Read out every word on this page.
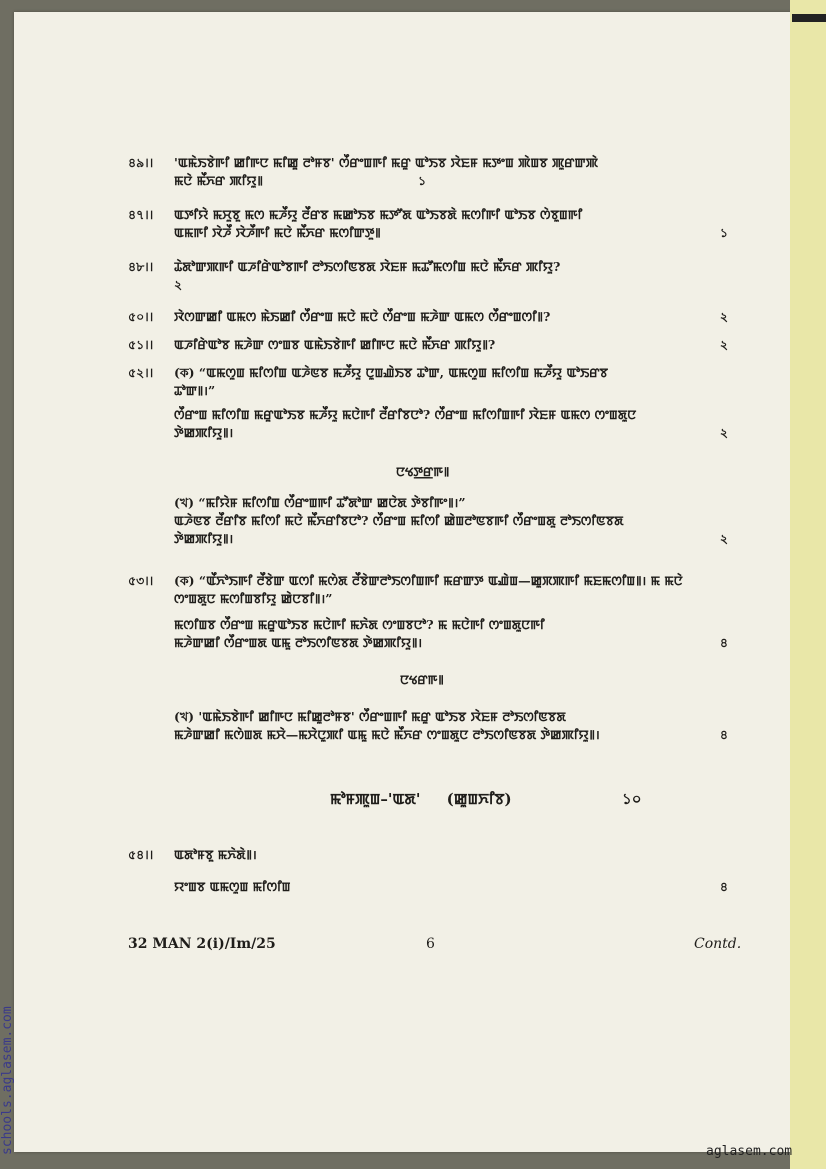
৪৯।।	'ꯑꯃꯥꯏꯕꯥꯒꯤ ꯀꯤꯒꯅ ꯃꯤꯀꯨ ꯂꯣꯝꯕ' ꯁꯩꯔꯦꯡꯒꯤ ꯃꯔꯨ ꯑꯣꯏꯕ ꯋꯥꯐꯝ ꯃꯇꯦꯡ ꯄꯥꯡꯕ ꯄꯨꯔꯛꯄꯥ
ꯃꯅꯥ ꯃꯩꯈꯔ ꯄꯤꯌꯨ꯫	১
৪৭।।	ꯑꯇꯤꯌꯥ ꯃꯆꯨꯕꯨ ꯃꯁ ꯃꯍꯩꯌꯨ ꯂꯩꯔꯕ ꯃꯀꯣꯏꯕ ꯃꯇꯧꯗ ꯑꯣꯏꯕꯗꯥ ꯃꯁꯤꯒꯤ ꯑꯣꯏꯕ ꯁꯥꯕꯨꯡꯒꯤ
ꯑꯃꯒꯤ ꯋꯥꯍꯩ ꯋꯥꯍꯩꯒꯤ ꯃꯅꯥ ꯃꯩꯈꯔ ꯃꯁꯤꯛꯇꯨ꯫	১
৪৮।।	ꯊꯥꯗꯣꯛꯄꯒꯤ ꯑꯍꯤꯔꯥꯑꯣꯕꯒꯤ ꯂꯣꯏꯁꯤꯟꯕꯗ ꯋꯥꯐꯝ ꯃꯊꯧꯃꯁꯤꯡ ꯃꯅꯥ ꯃꯩꯈꯔ ꯄꯤꯌꯨ?
২
৫০।।	ꯋꯥꯁꯛꯀꯤ ꯑꯃꯁ ꯃꯥꯏꯀꯤ ꯁꯩꯔꯦꯡ ꯃꯅꯥ ꯃꯅꯥ ꯁꯩꯔꯦꯡ ꯃꯍꯥꯛ ꯑꯃꯁ ꯁꯩꯔꯦꯡꯁꯤ꯫?	২
৫১।।	ꯑꯍꯤꯔꯥꯑꯣꯕ ꯃꯍꯥꯛ ꯁꯦꯡꯕ ꯑꯃꯥꯏꯕꯥꯒꯤ ꯀꯤꯒꯅ ꯃꯅꯥ ꯃꯩꯈꯔ ꯄꯤꯌꯨ꯫?	২
৫২।।	(ক) “ꯑꯃꯁꯨꯡ ꯃꯤꯁꯤꯡ ꯑꯍꯥꯟꯕ ꯃꯍꯩꯌꯨ ꯅꯨꯡꯉꯥꯏꯕ ꯊꯣꯛ, ꯑꯃꯁꯨꯡ ꯃꯤꯁꯤꯡ ꯃꯍꯩꯌꯨ ꯑꯣꯏꯔꯕ
ꯊꯣꯛ꯫।”
ꯁꯩꯔꯦꯡ ꯃꯤꯁꯤꯡ ꯃꯔꯨꯑꯣꯏꯕ ꯃꯍꯩꯌꯨ ꯃꯅꯥꯒꯤ ꯂꯩꯔꯤꯕꯅꯣ? ꯁꯩꯔꯦꯡ ꯃꯤꯁꯤꯡꯒꯤ ꯋꯥꯐꯝ ꯑꯃꯁ ꯁꯦꯡꯗꯨꯅ
ꯇꯥꯀꯄꯤꯌꯨ꯫।	২
ꯅꯠꯇ꯭ꯔꯒ꯫
(খ) “ꯃꯤꯌꯥꯝ ꯃꯤꯁꯤꯡ ꯁꯩꯔꯦꯡꯒꯤ ꯊꯧꯗꯣꯛ ꯀꯅꯥꯗ ꯇꯥꯕꯤꯒꯦ꯫।”
ꯑꯍꯥꯟꯕ ꯂꯩꯔꯤꯕ ꯃꯤꯁꯤ ꯃꯅꯥ ꯃꯩꯈꯔꯤꯕꯅꯣ? ꯁꯩꯔꯦꯡ ꯃꯤꯁꯤ ꯀꯥꯡꯂꯣꯟꯕꯒꯤ ꯁꯩꯔꯦꯡꯗꯨ ꯂꯣꯏꯁꯤꯟꯕꯗ
ꯇꯥꯀꯄꯤꯌꯨ꯫।	২
৫৩।।	(ক) “ꯑꯩꯈꯣꯏꯒꯤ ꯂꯩꯕꯥꯛ ꯑꯁꯤ ꯃꯁꯥꯗ ꯂꯩꯕꯥꯛꯂꯣꯏꯁꯤꯡꯒꯤ ꯃꯔꯛꯇ ꯑꯉꯥꯡ—ꯀꯨꯞꯄꯒꯤ ꯃꯐꯃꯁꯤꯡ꯫। ꯃ ꯃꯅꯥ
ꯁꯦꯡꯗꯨꯅ ꯃꯁꯤꯡꯕꯤꯌꯨ ꯀꯥꯅꯕꯤ꯫।”
ꯃꯁꯤꯡꯕ ꯁꯩꯔꯦꯡ ꯃꯔꯨꯑꯣꯏꯕ ꯃꯅꯥꯒꯤ ꯃꯈꯥꯗ ꯁꯦꯡꯕꯅꯣ? ꯃ ꯃꯅꯥꯒꯤ ꯁꯦꯡꯗꯨꯅꯒꯤ
ꯃꯍꯥꯛꯀꯤ ꯁꯩꯔꯦꯡꯗ ꯑꯃꯨ ꯂꯣꯏꯁꯤꯟꯕꯗ ꯇꯥꯀꯄꯤꯌꯨ꯫।	৪
ꯅꯠꯔꯒ꯫
(খ) 'ꯑꯃꯥꯏꯕꯥꯒꯤ ꯀꯤꯒꯅ ꯃꯤꯀꯨꯂꯣꯝꯕ' ꯁꯩꯔꯦꯡꯒꯤ ꯃꯔꯨ ꯑꯣꯏꯕ ꯋꯥꯐꯝ ꯂꯣꯏꯁꯤꯟꯕꯗ
ꯃꯍꯥꯛꯀꯤ ꯃꯁꯥꯡꯗ ꯃꯆꯥ—ꯃꯆꯥꯅꯨꯄꯤ ꯑꯃꯨ ꯃꯅꯥ ꯃꯩꯈꯔ ꯁꯦꯡꯗꯨꯅ ꯂꯣꯏꯁꯤꯟꯕꯗ ꯇꯥꯀꯄꯤꯌꯨ꯫।	৪
ꯃꯣꯝꯄꯨꯡ–'ꯑꯗ' (ꯀꯨꯡꯈꯤꯕ)	১০
৫৪।।	ꯑꯗꯣꯝꯕꯨ ꯃꯈꯥꯗꯥ꯫।
ꯌꯦꯡꯕ ꯑꯃꯁꯨꯡ ꯃꯤꯁꯤꯡ	৪
32 MAN 2(i)/Im/25	6	Contd.
schools.aglasem.com	aglasem.com
